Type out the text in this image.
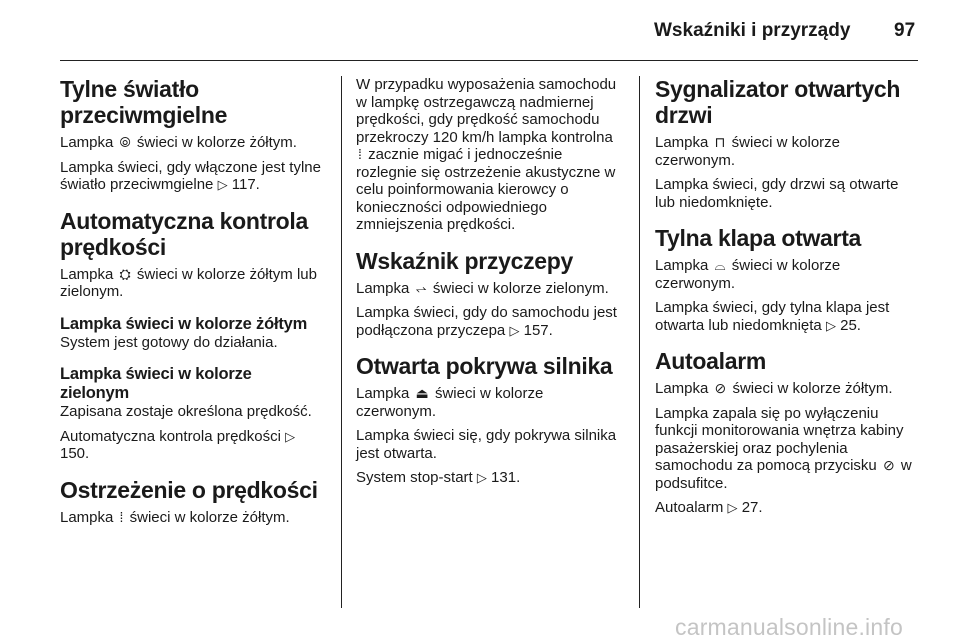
Wskaźniki i przyrządy 97
Tylne światło przeciwmgielne

Lampka ⦾ świeci w kolorze żółtym.

Lampka świeci, gdy włączone jest tylne światło przeciwmgielne ▷ 117.

Automatyczna kontrola prędkości

Lampka ⛭ świeci w kolorze żółtym lub zielonym.

Lampka świeci w kolorze żółtym

System jest gotowy do działania.

Lampka świeci w kolorze zielonym

Zapisana zostaje określona prędkość.

Automatyczna kontrola prędkości ▷ 150.

Ostrzeżenie o prędkości

Lampka ⁞ świeci w kolorze żółtym.

W przypadku wyposażenia samochodu w lampkę ostrzegawczą nadmiernej prędkości, gdy prędkość samochodu przekroczy 120 km/h lampka kontrolna ⁞ zacznie migać i jednocześnie rozlegnie się ostrzeżenie akustyczne w celu poinformowania kierowcy o konieczności odpowiedniego zmniejszenia prędkości.

Wskaźnik przyczepy

Lampka ⥋ świeci w kolorze zielonym.

Lampka świeci, gdy do samochodu jest podłączona przyczepa ▷ 157.

Otwarta pokrywa silnika

Lampka ⏏ świeci w kolorze czerwonym.

Lampka świeci się, gdy pokrywa silnika jest otwarta.

System stop-start ▷ 131.

Sygnalizator otwartych drzwi

Lampka ⊓ świeci w kolorze czerwonym.

Lampka świeci, gdy drzwi są otwarte lub niedomknięte.

Tylna klapa otwarta

Lampka ⌓ świeci w kolorze czerwonym.

Lampka świeci, gdy tylna klapa jest otwarta lub niedomknięta ▷ 25.

Autoalarm

Lampka ⊘ świeci w kolorze żółtym.

Lampka zapala się po wyłączeniu funkcji monitorowania wnętrza kabiny pasażerskiej oraz pochylenia samochodu za pomocą przycisku ⊘ w podsufitce.

Autoalarm ▷ 27.

carmanualsonline.info
